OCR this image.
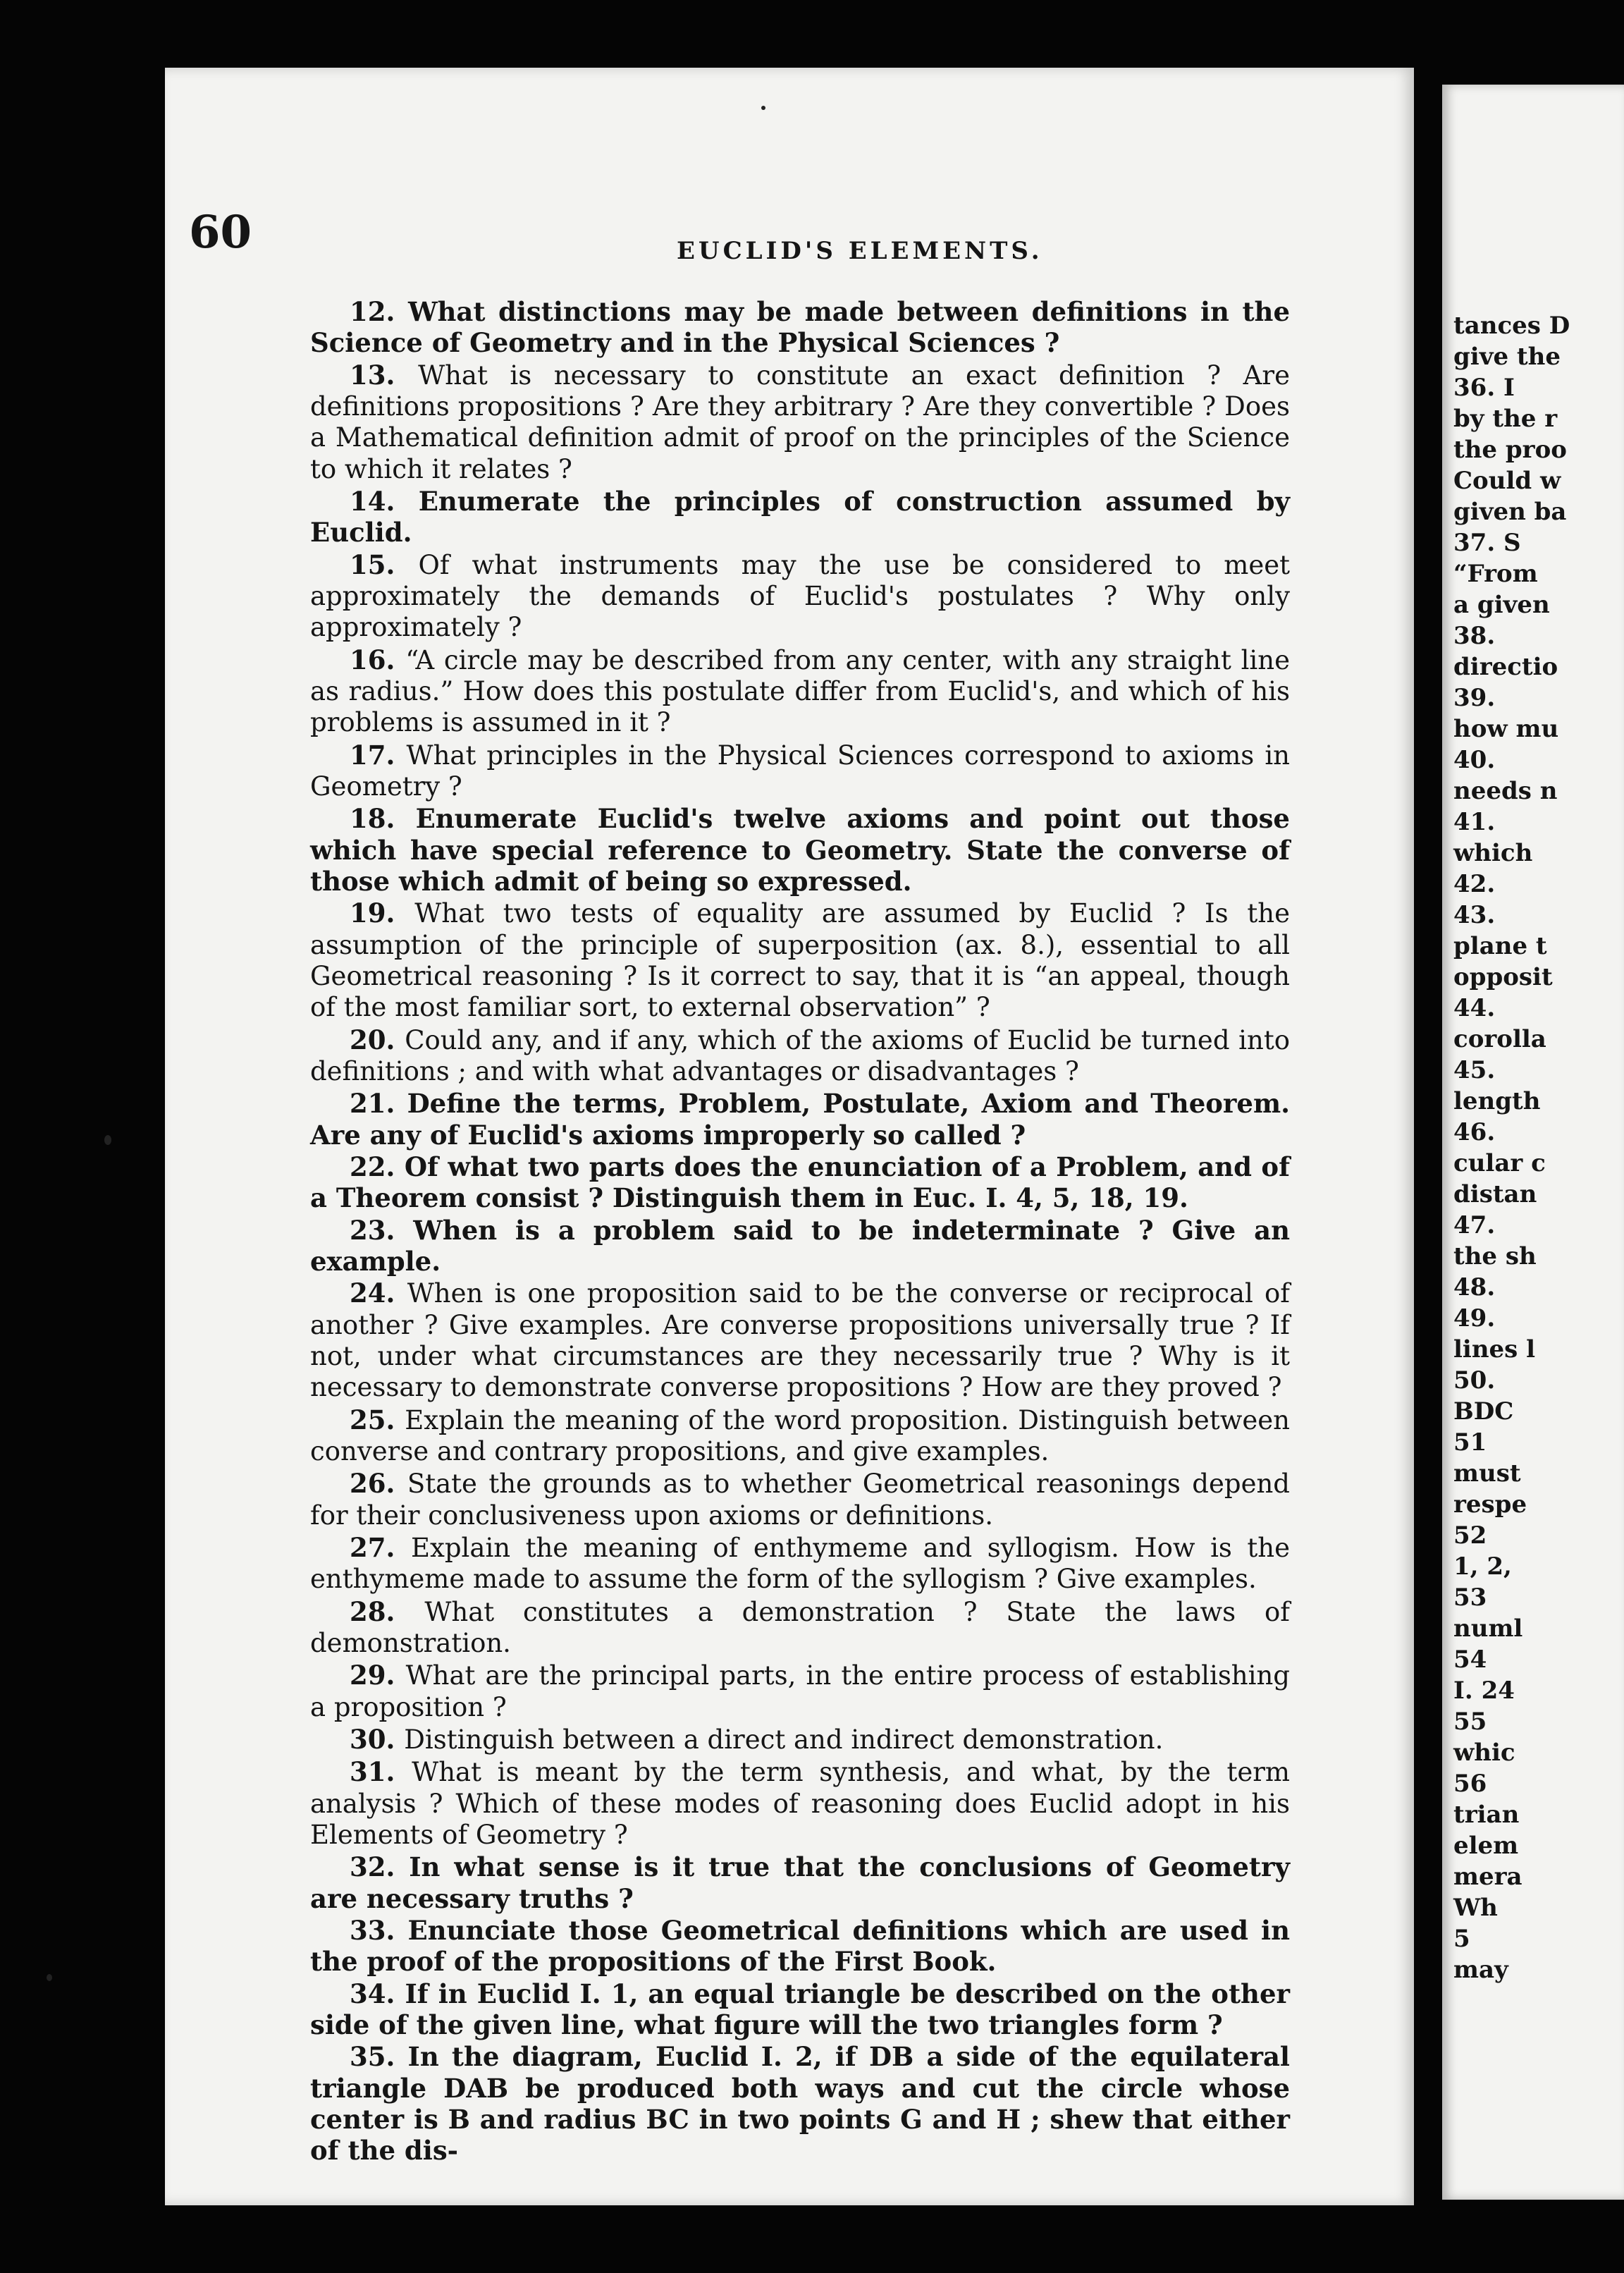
60	EUCLID'S ELEMENTS.
12. What distinctions may be made between definitions in the Science of Geometry and in the Physical Sciences ?
13. What is necessary to constitute an exact definition ? Are definitions propositions ? Are they arbitrary ? Are they convertible ? Does a Mathematical definition admit of proof on the principles of the Science to which it relates ?
14. Enumerate the principles of construction assumed by Euclid.
15. Of what instruments may the use be considered to meet approximately the demands of Euclid's postulates ? Why only approximately ?
16. “A circle may be described from any center, with any straight line as radius.” How does this postulate differ from Euclid's, and which of his problems is assumed in it ?
17. What principles in the Physical Sciences correspond to axioms in Geometry ?
18. Enumerate Euclid's twelve axioms and point out those which have special reference to Geometry. State the converse of those which admit of being so expressed.
19. What two tests of equality are assumed by Euclid ? Is the assumption of the principle of superposition (ax. 8.), essential to all Geometrical reasoning ? Is it correct to say, that it is “an appeal, though of the most familiar sort, to external observation” ?
20. Could any, and if any, which of the axioms of Euclid be turned into definitions ; and with what advantages or disadvantages ?
21. Define the terms, Problem, Postulate, Axiom and Theorem. Are any of Euclid's axioms improperly so called ?
22. Of what two parts does the enunciation of a Problem, and of a Theorem consist ? Distinguish them in Euc. I. 4, 5, 18, 19.
23. When is a problem said to be indeterminate ? Give an example.
24. When is one proposition said to be the converse or reciprocal of another ? Give examples. Are converse propositions universally true ? If not, under what circumstances are they necessarily true ? Why is it necessary to demonstrate converse propositions ? How are they proved ?
25. Explain the meaning of the word proposition. Distinguish between converse and contrary propositions, and give examples.
26. State the grounds as to whether Geometrical reasonings depend for their conclusiveness upon axioms or definitions.
27. Explain the meaning of enthymeme and syllogism. How is the enthymeme made to assume the form of the syllogism ? Give examples.
28. What constitutes a demonstration ? State the laws of demonstration.
29. What are the principal parts, in the entire process of establishing a proposition ?
30. Distinguish between a direct and indirect demonstration.
31. What is meant by the term synthesis, and what, by the term analysis ? Which of these modes of reasoning does Euclid adopt in his Elements of Geometry ?
32. In what sense is it true that the conclusions of Geometry are necessary truths ?
33. Enunciate those Geometrical definitions which are used in the proof of the propositions of the First Book.
34. If in Euclid I. 1, an equal triangle be described on the other side of the given line, what figure will the two triangles form ?
35. In the diagram, Euclid I. 2, if DB a side of the equilateral triangle DAB be produced both ways and cut the circle whose center is B and radius BC in two points G and H ; shew that either of the dis-
tances D
give the
36. I
by the r
the proo
Could w
given ba
37. S
“From
a given
38.
directio
39.
how mu
40.
needs n
41.
which
42.
43.
plane t
opposit
44.
corolla
45.
length
46.
cular c
distan
47.
the sh
48.
49.
lines l
50.
BDC
51
must
respe
52
1, 2,
53
numl
54
I. 24
55
whic
56
trian
elem
mera
Wh
5
may
